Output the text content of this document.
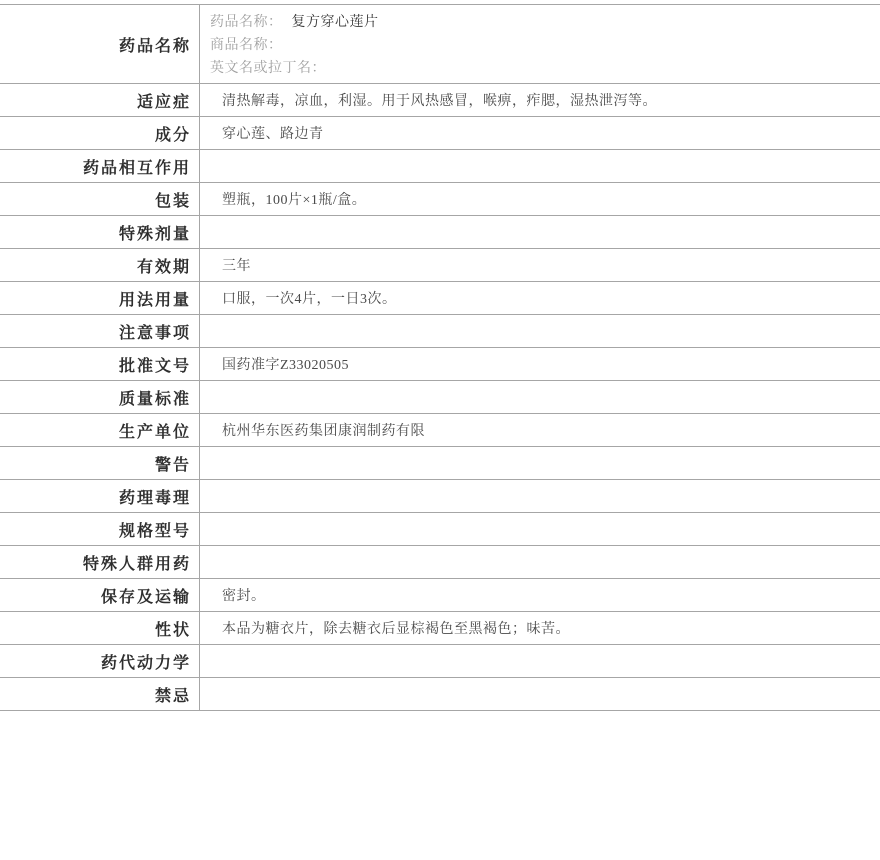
药品名称
药品名称： 复方穿心莲片
商品名称：
英文名或拉丁名：
适应症	清热解毒，凉血，利湿。用于风热感冒，喉痹，痄腮，湿热泄泻等。
成分	穿心莲、路边青
药品相互作用
包装	塑瓶，100片×1瓶/盒。
特殊剂量
有效期	三年
用法用量	口服，一次4片，一日3次。
注意事项
批准文号	国药准字Z33020505
质量标准
生产单位	杭州华东医药集团康润制药有限
警告
药理毒理
规格型号
特殊人群用药
保存及运输	密封。
性状	本品为糖衣片，除去糖衣后显棕褐色至黑褐色；味苦。
药代动力学
禁忌
